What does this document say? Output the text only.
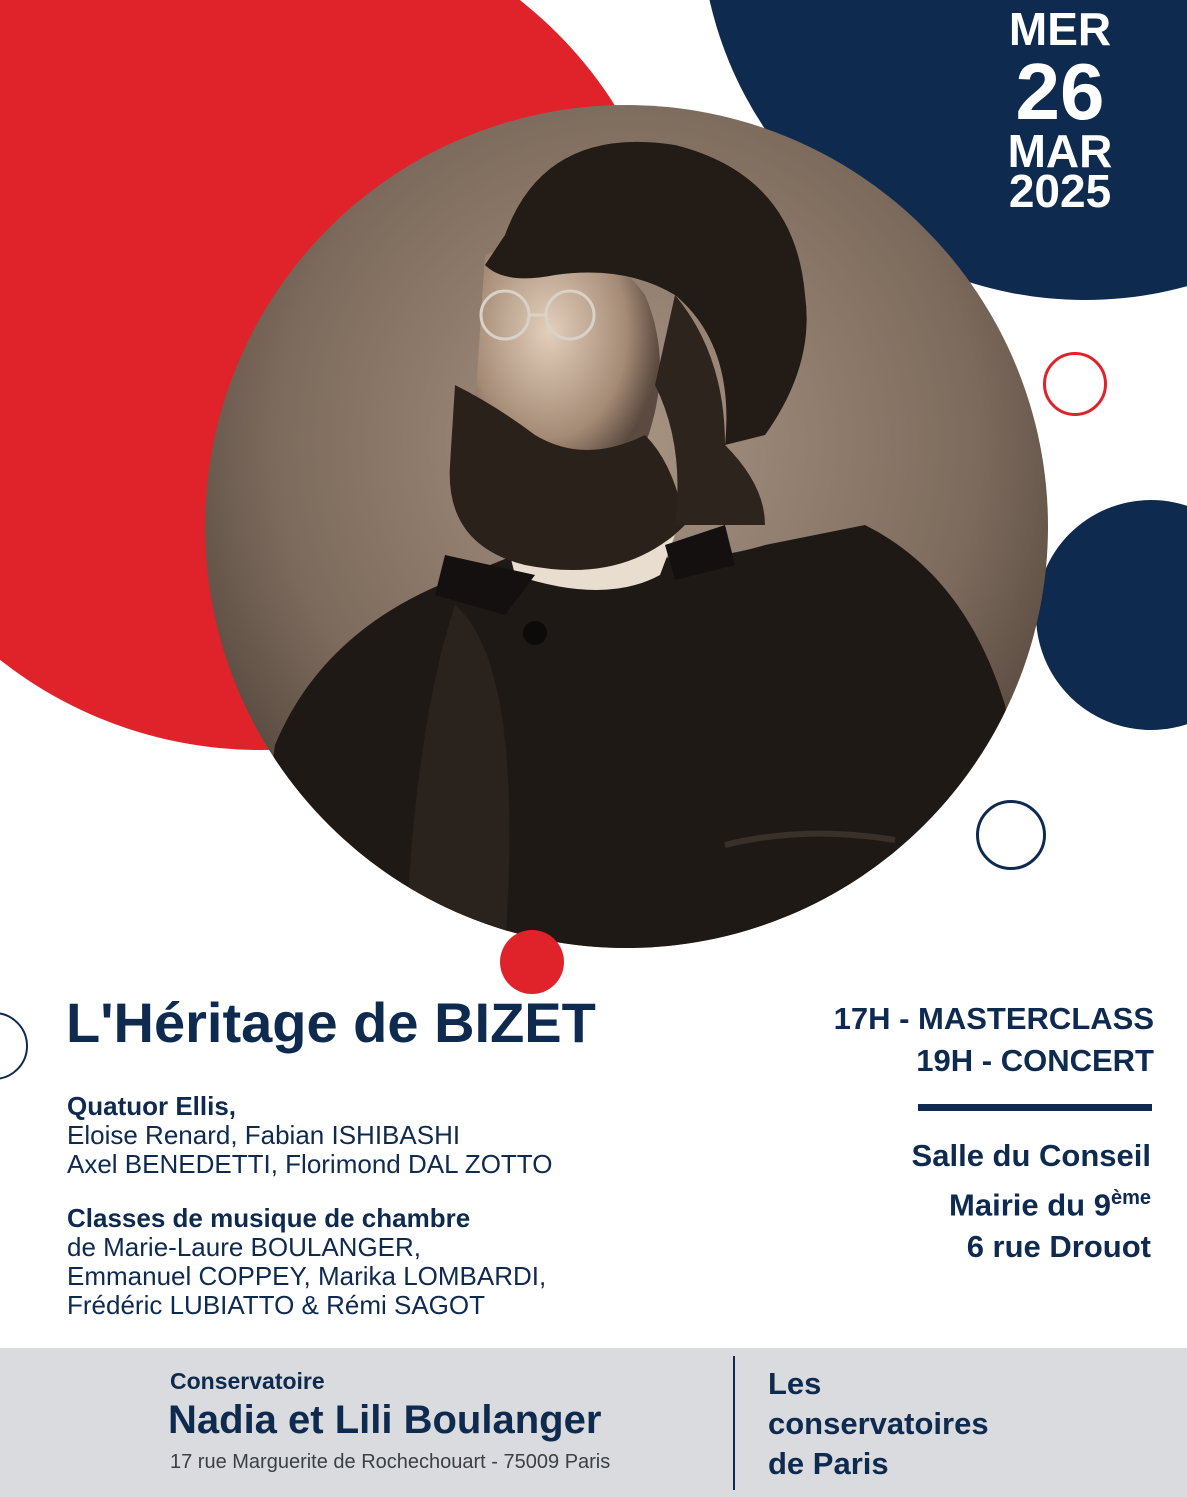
MER
26
MAR
2025
L'Héritage de BIZET
Quatuor Ellis,
Eloise Renard, Fabian ISHIBASHI
Axel BENEDETTI, Florimond DAL ZOTTO
Classes de musique de chambre
de Marie-Laure BOULANGER,
Emmanuel COPPEY, Marika LOMBARDI,
Frédéric LUBIATTO & Rémi SAGOT
17H - MASTERCLASS
19H - CONCERT
Salle du Conseil
Mairie du 9ème
6 rue Drouot
Conservatoire
Nadia et Lili Boulanger
17 rue Marguerite de Rochechouart - 75009 Paris
Les
conservatoires
de Paris
